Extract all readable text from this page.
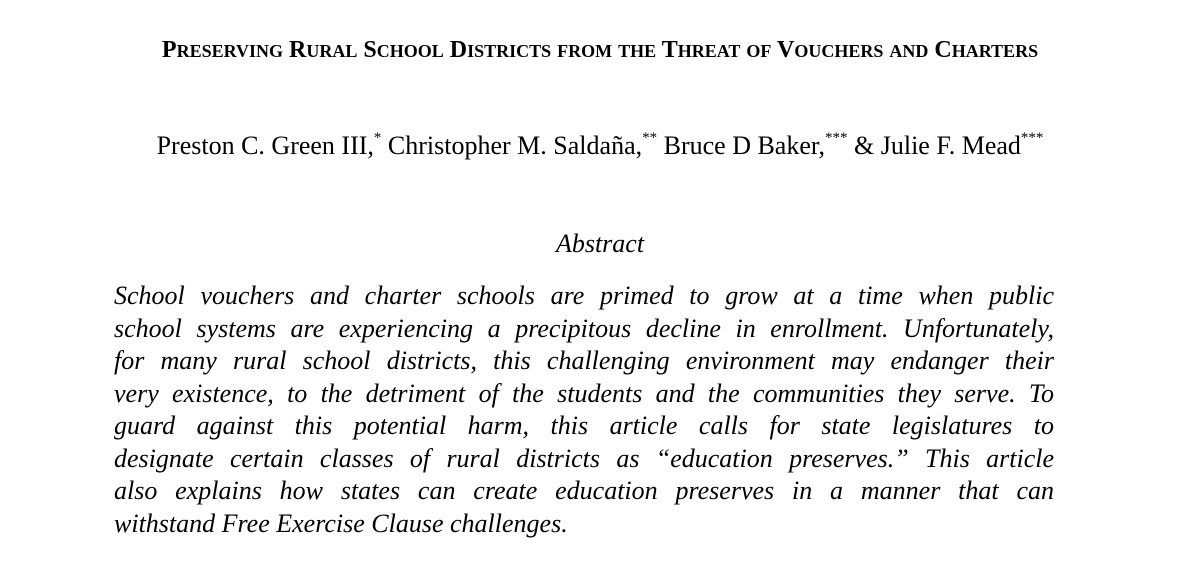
PRESERVING RURAL SCHOOL DISTRICTS FROM THE THREAT OF VOUCHERS AND CHARTERS
Preston C. Green III,* Christopher M. Saldaña,** Bruce D Baker,*** & Julie F. Mead***
Abstract
School vouchers and charter schools are primed to grow at a time when public
school systems are experiencing a precipitous decline in enrollment. Unfortunately,
for many rural school districts, this challenging environment may endanger their
very existence, to the detriment of the students and the communities they serve. To
guard against this potential harm, this article calls for state legislatures to
designate certain classes of rural districts as “education preserves.” This article
also explains how states can create education preserves in a manner that can
withstand Free Exercise Clause challenges.
